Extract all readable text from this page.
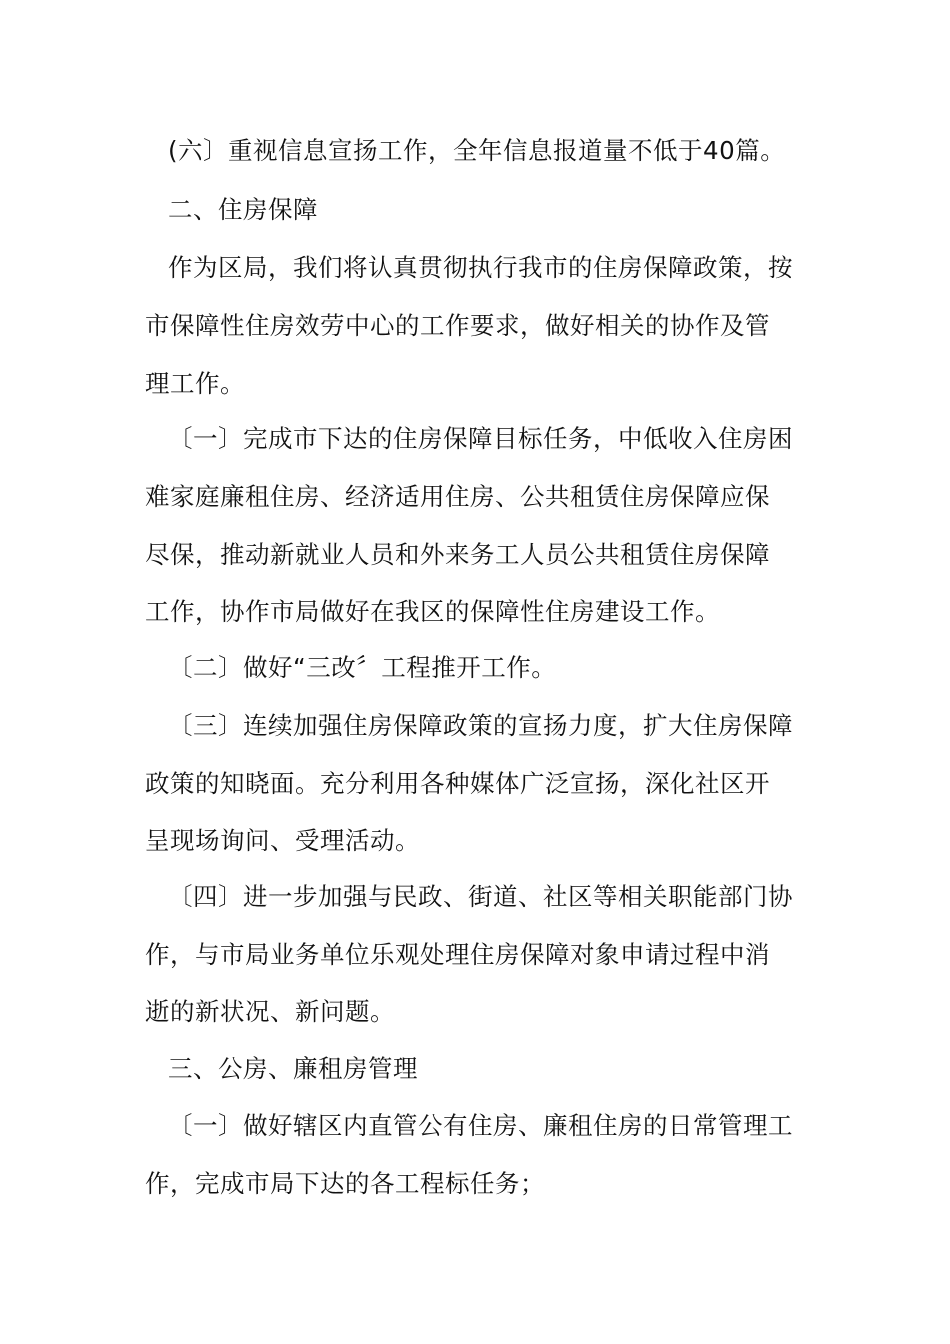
(六〕重视信息宣扬工作，全年信息报道量不低于40篇。
二、住房保障
作为区局，我们将认真贯彻执行我市的住房保障政策，按
市保障性住房效劳中心的工作要求，做好相关的协作及管
理工作。
〔一〕完成市下达的住房保障目标任务，中低收入住房困
难家庭廉租住房、经济适用住房、公共租赁住房保障应保
尽保，推动新就业人员和外来务工人员公共租赁住房保障
工作，协作市局做好在我区的保障性住房建设工作。
〔二〕做好“三改〞工程推开工作。
〔三〕连续加强住房保障政策的宣扬力度，扩大住房保障
政策的知晓面。充分利用各种媒体广泛宣扬，深化社区开
呈现场询问、受理活动。
〔四〕进一步加强与民政、街道、社区等相关职能部门协
作，与市局业务单位乐观处理住房保障对象申请过程中消
逝的新状况、新问题。
三、公房、廉租房管理
〔一〕做好辖区内直管公有住房、廉租住房的日常管理工
作，完成市局下达的各工程标任务；
